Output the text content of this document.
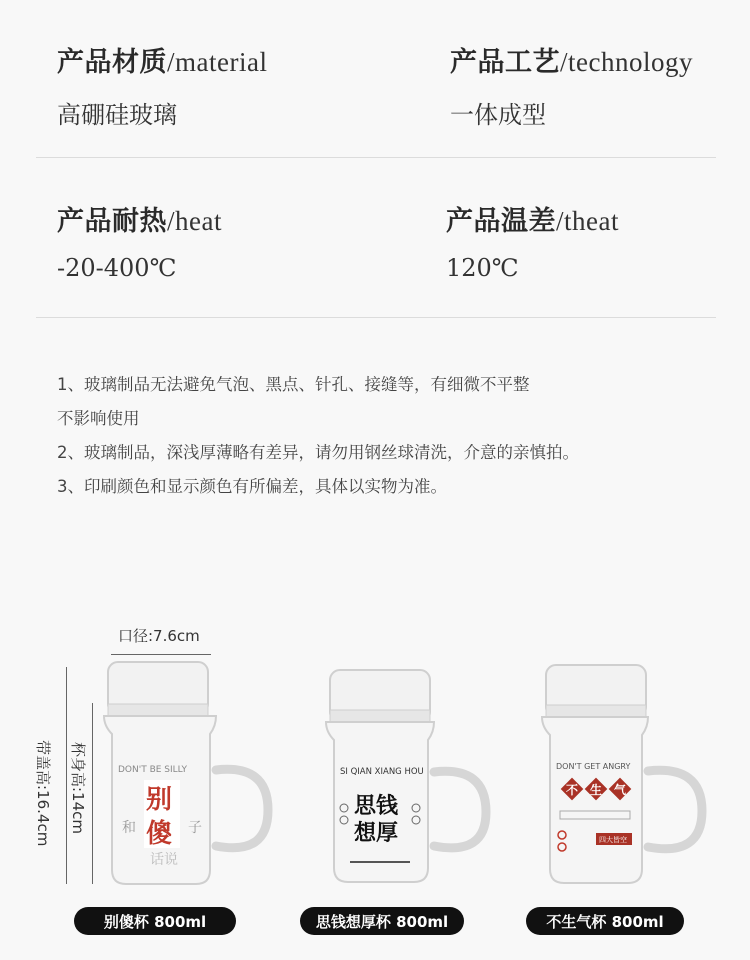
产品材质/material
高硼硅玻璃
产品工艺/technology
一体成型
产品耐热/heat
-20-400℃
产品温差/theat
120℃

1、玻璃制品无法避免气泡、黑点、针孔、接缝等，有细微不平整

不影响使用

2、玻璃制品，深浅厚薄略有差异，请勿用钢丝球清洗，介意的亲慎拍。

3、印刷颜色和显示颜色有所偏差，具体以实物为准。

口径:7.6cm
带盖高:16.4cm 杯身高:14cm	DON'T BE SILLY
别
傻
和	子
话说
SI QIAN XIANG HOU
思钱
想厚
DON'T GET ANGRY
不 生 气
四大皆空
别傻杯 800ml	思钱想厚杯 800ml	不生气杯 800ml
